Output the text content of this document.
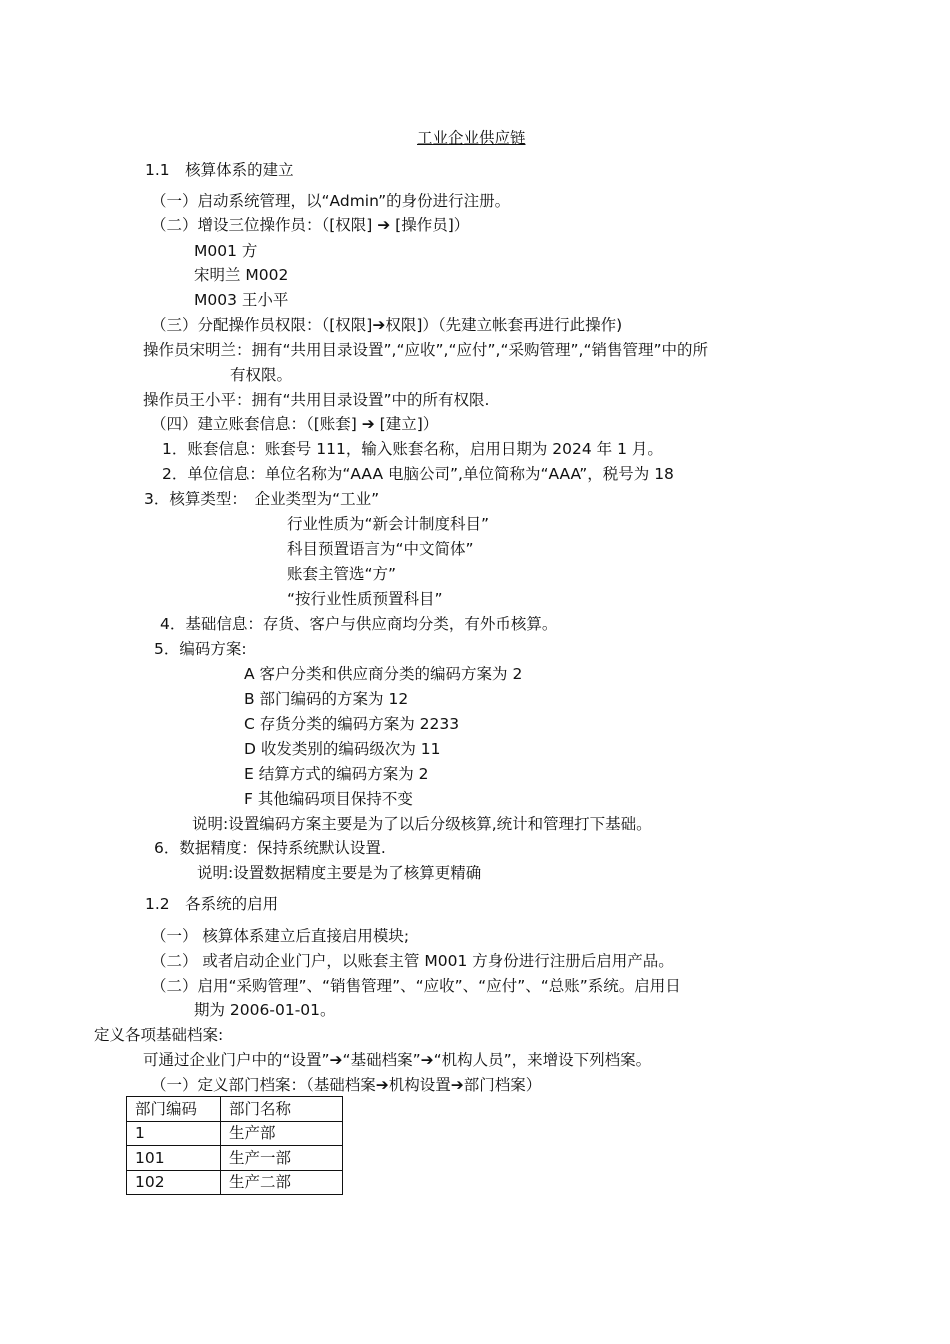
工业企业供应链
1.1　核算体系的建立
（一）启动系统管理，以“Admin”的身份进行注册。
（二）增设三位操作员：（[权限] ➔ [操作员]）
M001 方
宋明兰 M002
M003 王小平
（三）分配操作员权限：（[权限]➔权限]）（先建立帐套再进行此操作)
操作员宋明兰：拥有“共用目录设置”,“应收”,“应付”,“采购管理”,“销售管理”中的所
有权限。
操作员王小平：拥有“共用目录设置”中的所有权限.
（四）建立账套信息：（[账套] ➔ [建立]）
1．账套信息：账套号 111，输入账套名称，启用日期为 2024 年 1 月。
2．单位信息：单位名称为“AAA 电脑公司”,单位简称为“AAA”，税号为 18
3．核算类型：　企业类型为“工业”
行业性质为“新会计制度科目”
科目预置语言为“中文简体”
账套主管选“方”
“按行业性质预置科目”
4．基础信息：存货、客户与供应商均分类，有外币核算。
5．编码方案:
A 客户分类和供应商分类的编码方案为 2
B 部门编码的方案为 12
C 存货分类的编码方案为 2233
D 收发类别的编码级次为 11
E 结算方式的编码方案为 2
F 其他编码项目保持不变
说明:设置编码方案主要是为了以后分级核算,统计和管理打下基础。
6．数据精度：保持系统默认设置.
说明:设置数据精度主要是为了核算更精确
1.2　各系统的启用
（一） 核算体系建立后直接启用模块;
（二） 或者启动企业门户，以账套主管 M001 方身份进行注册后启用产品。
（二）启用“采购管理”、“销售管理”、“应收”、“应付”、“总账”系统。启用日
期为 2006-01-01。
定义各项基础档案:
可通过企业门户中的“设置”➔“基础档案”➔“机构人员”，来增设下列档案。
（一）定义部门档案：（基础档案➔机构设置➔部门档案）
部门编码	部门名称
1	生产部
101	生产一部
102	生产二部
